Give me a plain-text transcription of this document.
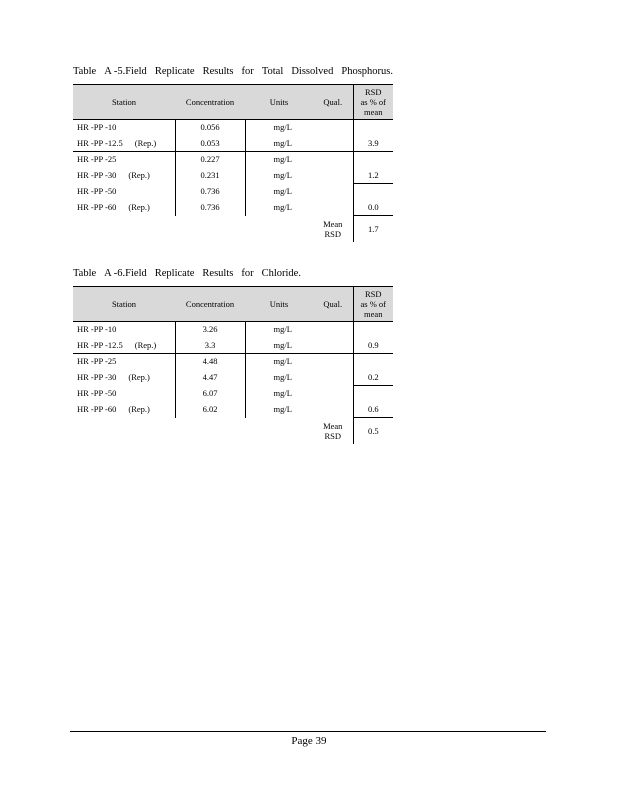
Table A -5.Field Replicate Results for Total Dissolved Phosphorus.
Station	Concentration	Units	Qual.	RSD
as % of
mean

HR -PP -10	0.056	mg/L		
HR -PP -12.5 (Rep.)	0.053	mg/L		3.9
HR -PP -25	0.227	mg/L		
HR -PP -30 (Rep.)	0.231	mg/L		1.2
HR -PP -50	0.736	mg/L		
HR -PP -60 (Rep.)	0.736	mg/L		0.0

			Mean
RSD	1.7
Table A -6.Field Replicate Results for Chloride.
Station	Concentration	Units	Qual.	RSD
as % of
mean

HR -PP -10	3.26	mg/L		
HR -PP -12.5 (Rep.)	3.3	mg/L		0.9
HR -PP -25	4.48	mg/L		
HR -PP -30 (Rep.)	4.47	mg/L		0.2
HR -PP -50	6.07	mg/L		
HR -PP -60 (Rep.)	6.02	mg/L		0.6

			Mean
RSD	0.5
Page 39
